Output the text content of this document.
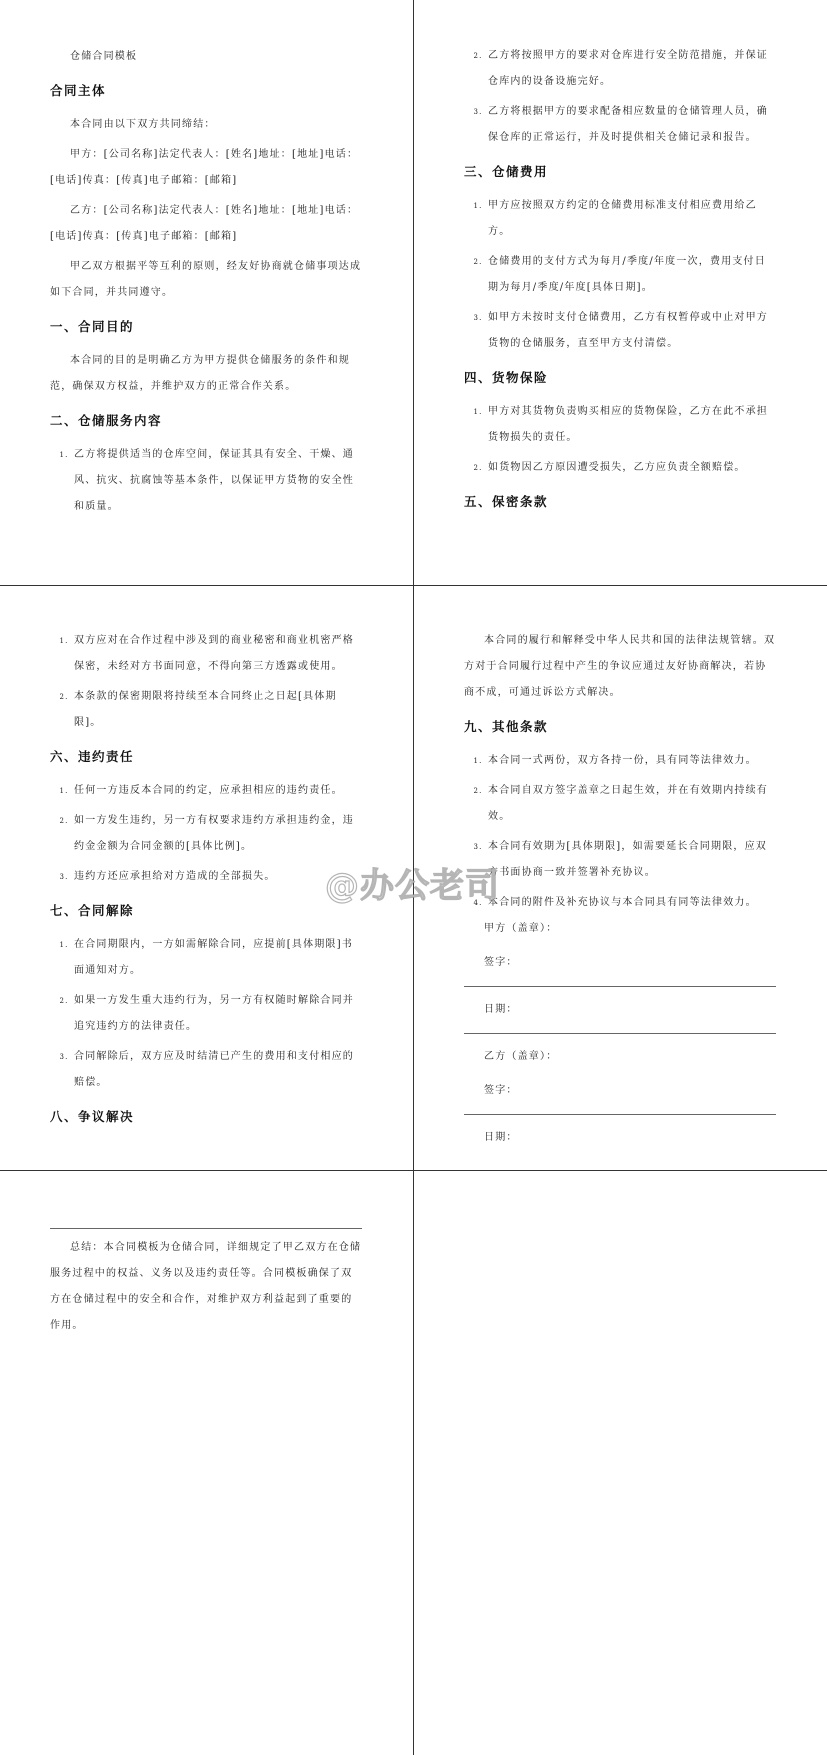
仓储合同模板

合同主体

本合同由以下双方共同缔结：

甲方：[公司名称]法定代表人：[姓名]地址：[地址]电话：[电话]传真：[传真]电子邮箱：[邮箱]

乙方：[公司名称]法定代表人：[姓名]地址：[地址]电话：[电话]传真：[传真]电子邮箱：[邮箱]

甲乙双方根据平等互利的原则，经友好协商就仓储事项达成如下合同，并共同遵守。

一、合同目的

本合同的目的是明确乙方为甲方提供仓储服务的条件和规范，确保双方权益，并维护双方的正常合作关系。

二、仓储服务内容
1. 乙方将提供适当的仓库空间，保证其具有安全、干燥、通风、抗灾、抗腐蚀等基本条件，以保证甲方货物的安全性和质量。
2. 乙方将按照甲方的要求对仓库进行安全防范措施，并保证仓库内的设备设施完好。
3. 乙方将根据甲方的要求配备相应数量的仓储管理人员，确保仓库的正常运行，并及时提供相关仓储记录和报告。
三、仓储费用
1. 甲方应按照双方约定的仓储费用标准支付相应费用给乙方。
2. 仓储费用的支付方式为每月/季度/年度一次，费用支付日期为每月/季度/年度[具体日期]。
3. 如甲方未按时支付仓储费用，乙方有权暂停或中止对甲方货物的仓储服务，直至甲方支付清偿。
四、货物保险
1. 甲方对其货物负责购买相应的货物保险，乙方在此不承担货物损失的责任。
2. 如货物因乙方原因遭受损失，乙方应负责全额赔偿。
五、保密条款
1. 双方应对在合作过程中涉及到的商业秘密和商业机密严格保密，未经对方书面同意，不得向第三方透露或使用。
2. 本条款的保密期限将持续至本合同终止之日起[具体期限]。
六、违约责任
1. 任何一方违反本合同的约定，应承担相应的违约责任。
2. 如一方发生违约，另一方有权要求违约方承担违约金，违约金金额为合同金额的[具体比例]。
3. 违约方还应承担给对方造成的全部损失。
七、合同解除
1. 在合同期限内，一方如需解除合同，应提前[具体期限]书面通知对方。
2. 如果一方发生重大违约行为，另一方有权随时解除合同并追究违约方的法律责任。
3. 合同解除后，双方应及时结清已产生的费用和支付相应的赔偿。
八、争议解决

本合同的履行和解释受中华人民共和国的法律法规管辖。双方对于合同履行过程中产生的争议应通过友好协商解决，若协商不成，可通过诉讼方式解决。

九、其他条款
1. 本合同一式两份，双方各持一份，具有同等法律效力。
2. 本合同自双方签字盖章之日起生效，并在有效期内持续有效。
3. 本合同有效期为[具体期限]，如需要延长合同期限，应双方书面协商一致并签署补充协议。
4. 本合同的附件及补充协议与本合同具有同等法律效力。
甲方（盖章）：
签字：
日期：
乙方（盖章）：
签字：
日期：

总结：本合同模板为仓储合同，详细规定了甲乙双方在仓储服务过程中的权益、义务以及违约责任等。合同模板确保了双方在仓储过程中的安全和合作，对维护双方利益起到了重要的作用。

@办公老司
